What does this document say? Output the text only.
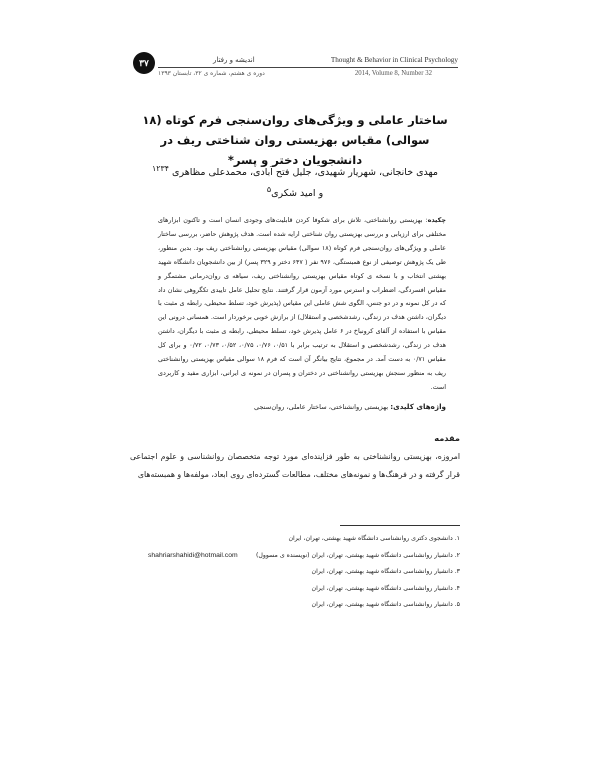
۳۷	اندیشه و رفتار	Thought & Behavior in Clinical Psychology
دوره ی هشتم، شماره ی ۳۲، تابستان ۱۳۹۳	2014, Volume 8, Number 32
ساختار عاملی و ویژگی‌های روان‌سنجی فرم کوتاه (۱۸ سوالی) مقیاس بهزیستی روان شناختی ریف در دانشجویان دختر و پسر*
مهدی خانجانی، شهریار شهیدی، جلیل فتح آبادی، محمدعلی مظاهری $^{۱۲۳۴}$
و امید شکری$^۵$
چکیده: بهزیستی روانشناختی، تلاش برای شکوفا کردن قابلیت‌های وجودی انسان است و تاکنون ابزارهای مختلفی برای ارزیابی و بررسی بهزیستی روان شناختی ارایه شده است. هدف پژوهش حاضر، بررسی ساختار عاملی و ویژگی‌های روان‌سنجی فرم کوتاه (۱۸ سوالی) مقیاس بهزیستی روانشناختی ریف بود. بدین منظور، طی یک پژوهش توصیفی از نوع همبستگی، ۹۷۶ نفر ( ۶۴۷ دختر و ۳۲۹ پسر) از بین دانشجویان دانشگاه شهید بهشتی انتخاب و با نسخه ی کوتاه مقیاس بهزیستی روانشناختی ریف، سیاهه ی روان‌درمانی مشتمگر و مقیاس افسردگی، اضطراب و استرس مورد آزمون قرار گرفتند. نتایج تحلیل عامل تاییدی تکگروهی نشان داد که در کل نمونه و در دو جنس، الگوی شش عاملی این مقیاس (پذیرش خود، تسلط محیطی، رابطه ی مثبت با دیگران، داشتن هدف در زندگی، رشدشخصی و استقلال) از برازش خوبی برخوردار است. همسانی درونی این مقیاس با استفاده از آلفای کرونباخ در ۶ عامل پذیرش خود، تسلط محیطی، رابطه ی مثبت با دیگران، داشتن هدف در زندگی، رشدشخصی و استقلال به ترتیب برابر با ۰/۵۱، ۰/۷۶، ۰/۷۵، ۰/۵۲، ۰/۷۳، ۰/۷۲ و برای کل مقیاس ۰/۷۱ به دست آمد. در مجموع، نتایج بیانگر آن است که فرم ۱۸ سوالی مقیاس بهزیستی روانشناختی ریف به منظور سنجش بهزیستی روانشناختی در دختران و پسران در نمونه ی ایرانی، ابزاری مفید و کاربردی است.
واژه‌های کلیدی: بهزیستی روانشناختی، ساختار عاملی، روان‌سنجی
مقدمه
امروزه، بهزیستی روانشناختی به طور فزاینده‌ای مورد توجه متخصصان روانشناسی و علوم اجتماعی قرار گرفته و در فرهنگ‌ها و نمونه‌های مختلف، مطالعات گسترده‌ای روی ابعاد، مولفه‌ها و همبسته‌های
۱. دانشجوی دکتری روانشناسی دانشگاه شهید بهشتی، تهران، ایران
۲. دانشیار روانشناسی دانشگاه شهید بهشتی، تهران، ایران (نویسنده ی مسوول)
shahriarshahidi@hotmail.com
۳. دانشیار روانشناسی دانشگاه شهید بهشتی، تهران، ایران
۴. دانشیار روانشناسی دانشگاه شهید بهشتی، تهران، ایران
۵. دانشیار روانشناسی دانشگاه شهید بهشتی، تهران، ایران
